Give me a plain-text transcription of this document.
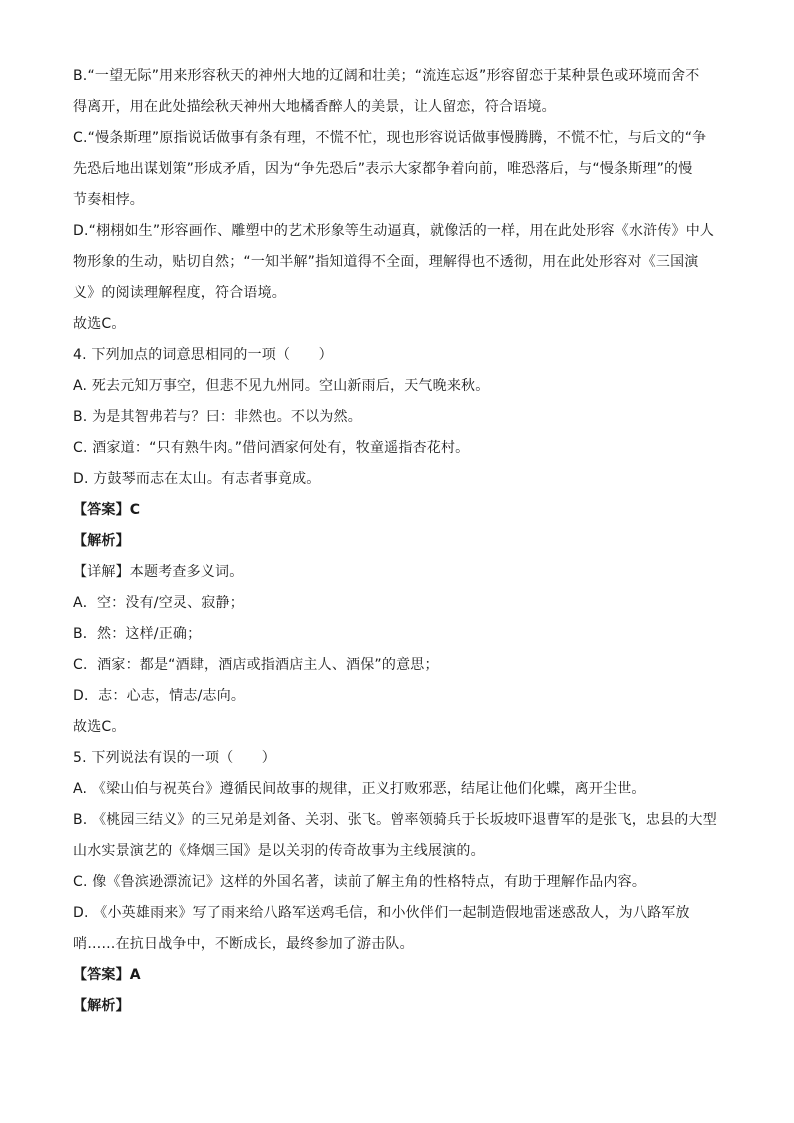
B.“一望无际”用来形容秋天的神州大地的辽阔和壮美；“流连忘返”形容留恋于某种景色或环境而舍不
得离开，用在此处描绘秋天神州大地橘香醉人的美景，让人留恋，符合语境。
C.“慢条斯理”原指说话做事有条有理，不慌不忙，现也形容说话做事慢腾腾，不慌不忙，与后文的“争
先恐后地出谋划策”形成矛盾，因为“争先恐后”表示大家都争着向前，唯恐落后，与“慢条斯理”的慢
节奏相悖。
D.“栩栩如生”形容画作、雕塑中的艺术形象等生动逼真，就像活的一样，用在此处形容《水浒传》中人
物形象的生动，贴切自然；“一知半解”指知道得不全面，理解得也不透彻，用在此处形容对《三国演
义》的阅读理解程度，符合语境。
故选C。
4. 下列加点的词意思相同的一项（　　）
A. 死去元知万事空，但悲不见九州同。空山新雨后，天气晚来秋。
B. 为是其智弗若与？曰：非然也。不以为然。
C. 酒家道：“只有熟牛肉。”借问酒家何处有，牧童遥指杏花村。
D. 方鼓琴而志在太山。有志者事竟成。
【答案】C
【解析】
【详解】本题考查多义词。
A．空：没有/空灵、寂静；
B．然：这样/正确；
C．酒家：都是“酒肆，酒店或指酒店主人、酒保”的意思；
D．志：心志，情志/志向。
故选C。
5. 下列说法有误的一项（　　）
A. 《梁山伯与祝英台》遵循民间故事的规律，正义打败邪恶，结尾让他们化蝶，离开尘世。
B. 《桃园三结义》的三兄弟是刘备、关羽、张飞。曾率领骑兵于长坂坡吓退曹军的是张飞，忠县的大型
山水实景演艺的《烽烟三国》是以关羽的传奇故事为主线展演的。
C. 像《鲁滨逊漂流记》这样的外国名著，读前了解主角的性格特点，有助于理解作品内容。
D. 《小英雄雨来》写了雨来给八路军送鸡毛信，和小伙伴们一起制造假地雷迷惑敌人，为八路军放
哨……在抗日战争中，不断成长，最终参加了游击队。
【答案】A
【解析】
